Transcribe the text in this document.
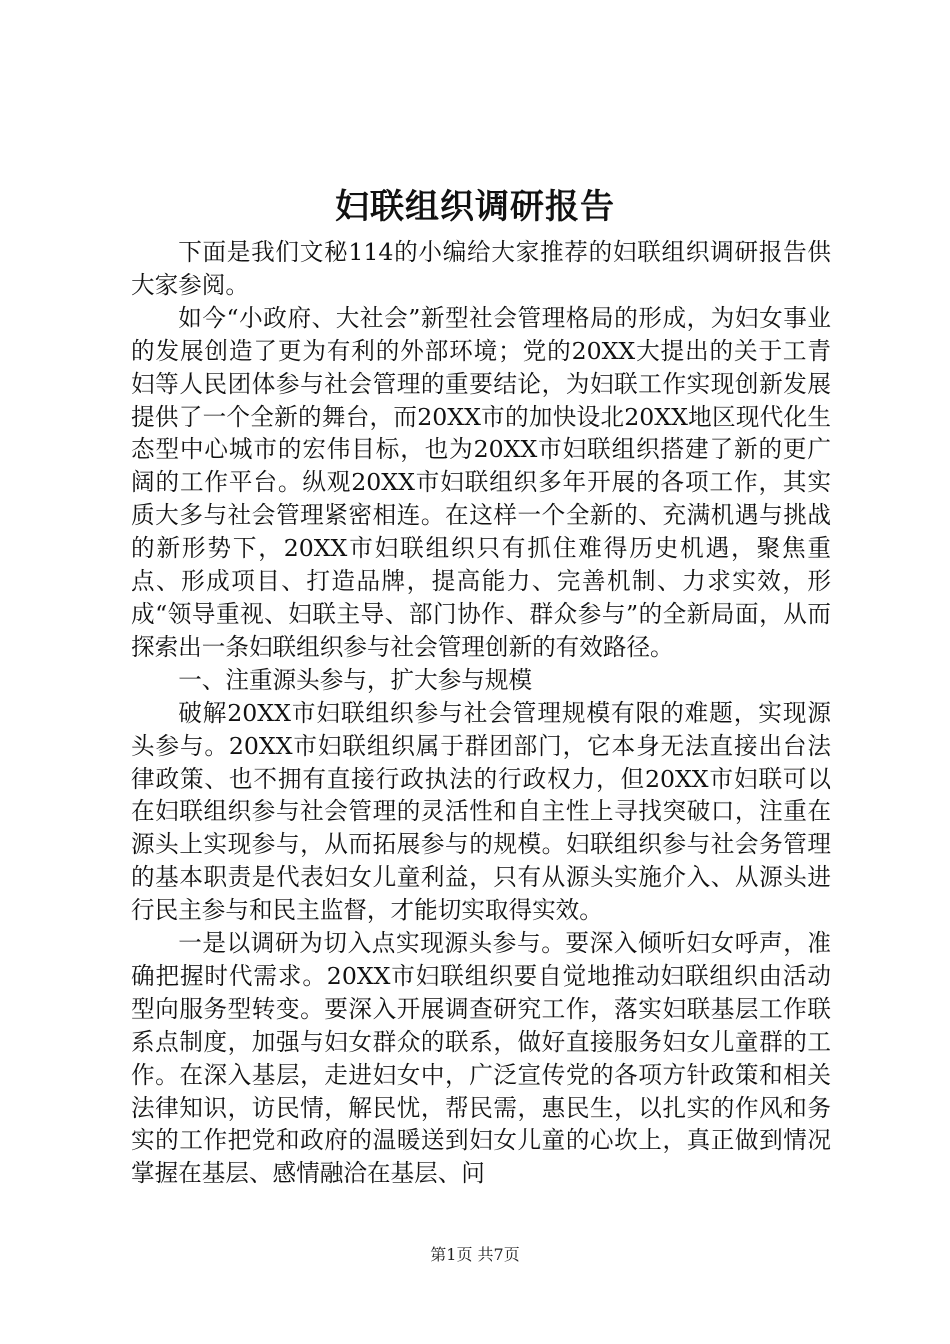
妇联组织调研报告

下面是我们文秘114的小编给大家推荐的妇联组织调研报告供大家参阅。

如今“小政府、大社会”新型社会管理格局的形成，为妇女事业的发展创造了更为有利的外部环境；党的20XX大提出的关于工青妇等人民团体参与社会管理的重要结论，为妇联工作实现创新发展提供了一个全新的舞台，而20XX市的加快设北20XX地区现代化生态型中心城市的宏伟目标，也为20XX市妇联组织搭建了新的更广阔的工作平台。纵观20XX市妇联组织多年开展的各项工作，其实质大多与社会管理紧密相连。在这样一个全新的、充满机遇与挑战的新形势下，20XX市妇联组织只有抓住难得历史机遇，聚焦重点、形成项目、打造品牌，提高能力、完善机制、力求实效，形成“领导重视、妇联主导、部门协作、群众参与”的全新局面，从而探索出一条妇联组织参与社会管理创新的有效路径。

一、注重源头参与，扩大参与规模

破解20XX市妇联组织参与社会管理规模有限的难题，实现源头参与。20XX市妇联组织属于群团部门，它本身无法直接出台法律政策、也不拥有直接行政执法的行政权力，但20XX市妇联可以在妇联组织参与社会管理的灵活性和自主性上寻找突破口，注重在源头上实现参与，从而拓展参与的规模。妇联组织参与社会务管理的基本职责是代表妇女儿童利益，只有从源头实施介入、从源头进行民主参与和民主监督，才能切实取得实效。

一是以调研为切入点实现源头参与。要深入倾听妇女呼声，准确把握时代需求。20XX市妇联组织要自觉地推动妇联组织由活动型向服务型转变。要深入开展调查研究工作，落实妇联基层工作联系点制度，加强与妇女群众的联系，做好直接服务妇女儿童群的工作。在深入基层，走进妇女中，广泛宣传党的各项方针政策和相关法律知识，访民情，解民忧，帮民需，惠民生，以扎实的作风和务实的工作把党和政府的温暖送到妇女儿童的心坎上，真正做到情况掌握在基层、感情融洽在基层、问

第1页 共7页
